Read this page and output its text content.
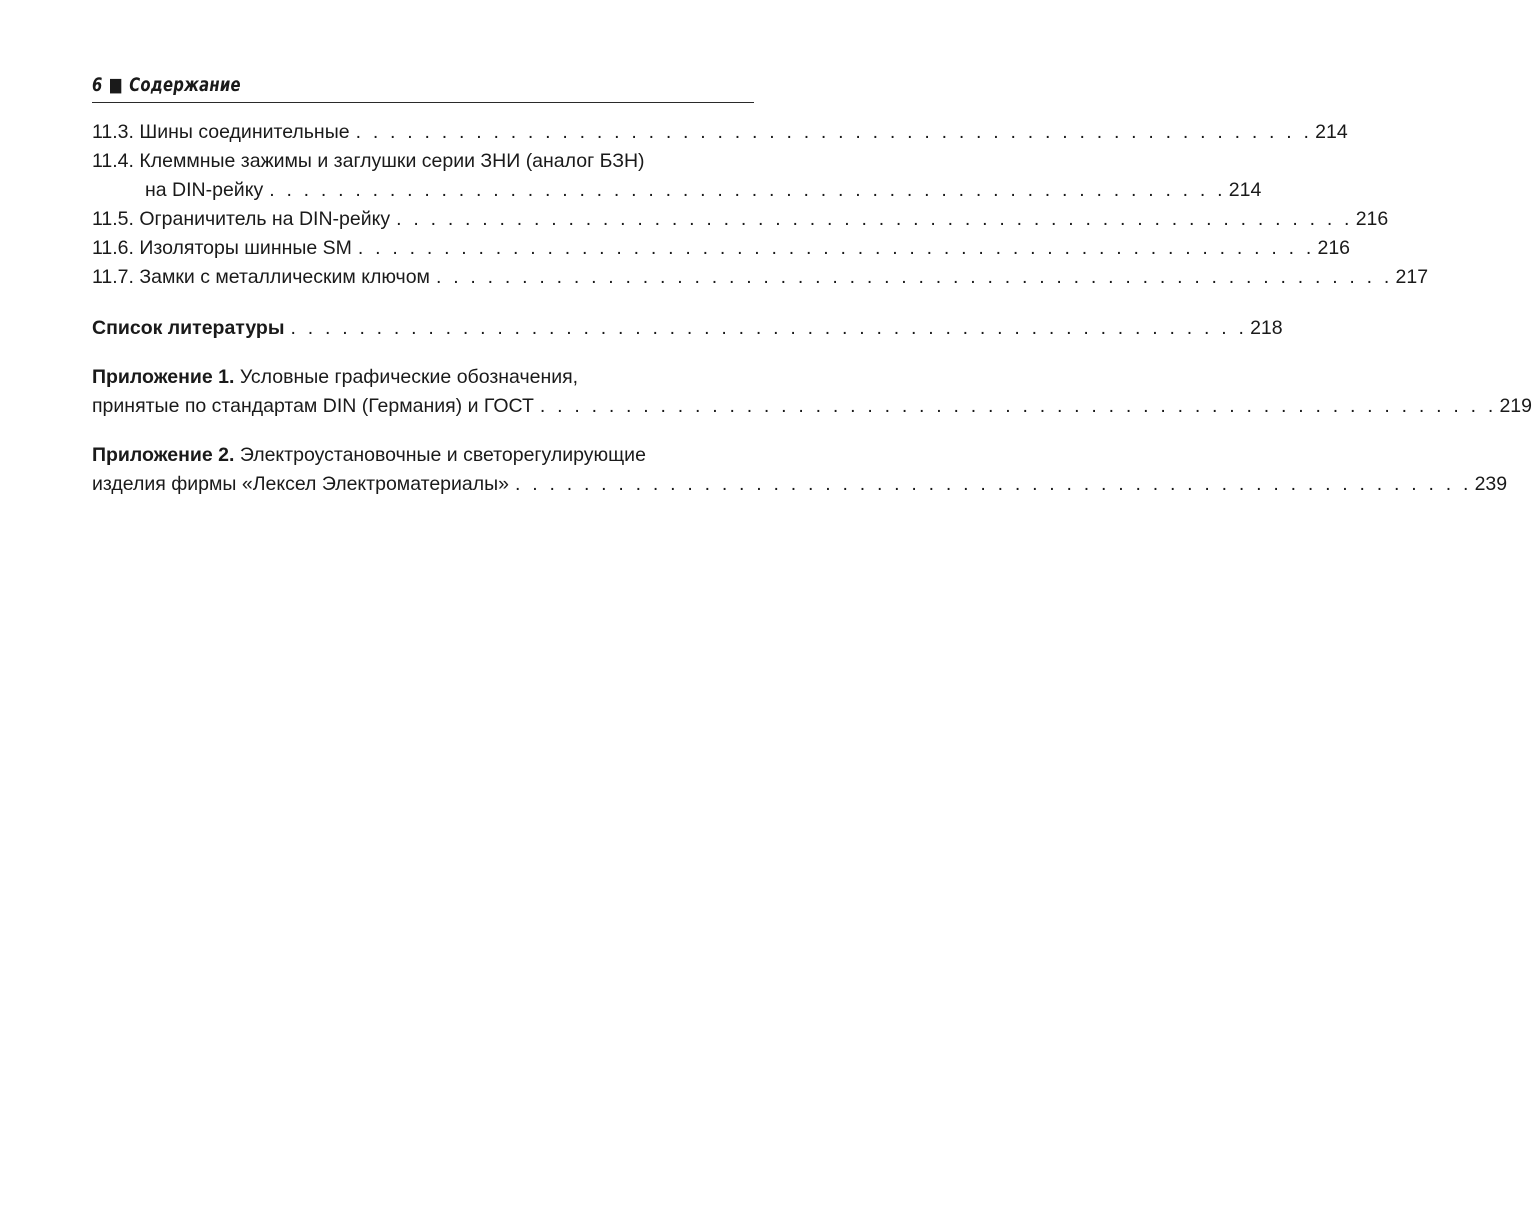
6 ■ Содержание
11.3.
Шины соединительные . . . . . . . . . . . . . . . . . . . . . . . . . . . . . . . . . . . . . . . . . . . . . . . . . . . . . . . . 214
11.4. Клеммные зажимы и заглушки серии ЗНИ (аналог БЗН)
на DIN-рейку . . . . . . . . . . . . . . . . . . . . . . . . . . . . . . . . . . . . . . . . . . . . . . . . . . . . . . . . 214
11.5.
Ограничитель на DIN-рейку . . . . . . . . . . . . . . . . . . . . . . . . . . . . . . . . . . . . . . . . . . . . . . . . . . . . . . . . 216
11.6.
Изоляторы шинные SM . . . . . . . . . . . . . . . . . . . . . . . . . . . . . . . . . . . . . . . . . . . . . . . . . . . . . . . . 216
11.7.
Замки с металлическим ключом . . . . . . . . . . . . . . . . . . . . . . . . . . . . . . . . . . . . . . . . . . . . . . . . . . . . . . . . 217
Список литературы . . . . . . . . . . . . . . . . . . . . . . . . . . . . . . . . . . . . . . . . . . . . . . . . . . . . . . . . 218
Приложение 1. Условные графические обозначения,
принятые по стандартам DIN (Германия) и ГОСТ . . . . . . . . . . . . . . . . . . . . . . . . . . . . . . . . . . . . . . . . . . . . . . . . . . . . . . . . 219
Приложение 2. Электроустановочные и светорегулирующие
изделия фирмы «Лексел Электроматериалы» . . . . . . . . . . . . . . . . . . . . . . . . . . . . . . . . . . . . . . . . . . . . . . . . . . . . . . . . 239
